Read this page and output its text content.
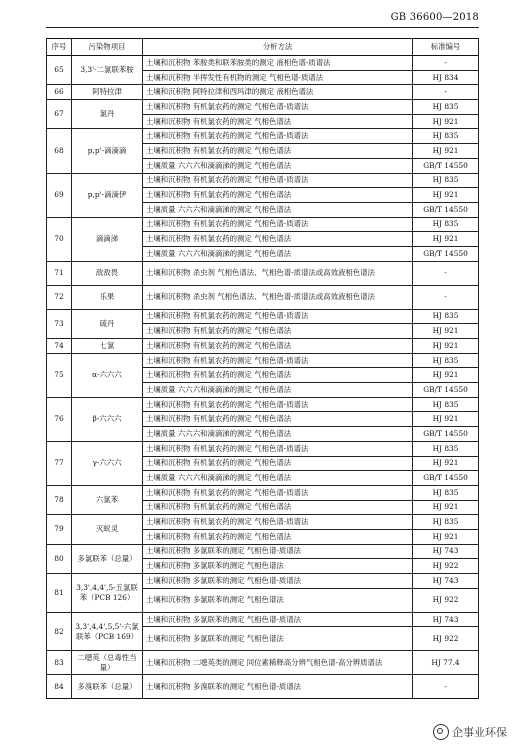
GB 36600—2018
序号	污染物项目	分析方法	标准编号
65	3,3'-二氯联苯胺	土壤和沉积物 苯胺类和联苯胺类的测定 液相色谱-质谱法	-
		土壤和沉积物 半挥发性有机物的测定 气相色谱-质谱法	HJ 834
66	阿特拉津	土壤和沉积物 阿特拉津和西玛津的测定 液相色谱法	-
67	氯丹	土壤和沉积物 有机氯农药的测定 气相色谱-质谱法	HJ 835
		土壤和沉积物 有机氯农药的测定 气相色谱法	HJ 921
68	p,p'-滴滴滴	土壤和沉积物 有机氯农药的测定 气相色谱-质谱法	HJ 835
		土壤和沉积物 有机氯农药的测定 气相色谱法	HJ 921
		土壤质量 六六六和滴滴涕的测定 气相色谱法	GB/T 14550
69	p,p'-滴滴伊	土壤和沉积物 有机氯农药的测定 气相色谱-质谱法	HJ 835
		土壤和沉积物 有机氯农药的测定 气相色谱法	HJ 921
		土壤质量 六六六和滴滴涕的测定 气相色谱法	GB/T 14550
70	滴滴涕	土壤和沉积物 有机氯农药的测定 气相色谱-质谱法	HJ 835
		土壤和沉积物 有机氯农药的测定 气相色谱法	HJ 921
		土壤质量 六六六和滴滴涕的测定 气相色谱法	GB/T 14550
71	敌敌畏	土壤和沉积物 杀虫剂 气相色谱法、气相色谱-质谱法或高效液相色谱法	-
72	乐果	土壤和沉积物 杀虫剂 气相色谱法、气相色谱-质谱法或高效液相色谱法	-
73	硫丹	土壤和沉积物 有机氯农药的测定 气相色谱-质谱法	HJ 835
		土壤和沉积物 有机氯农药的测定 气相色谱法	HJ 921
74	七氯	土壤和沉积物 有机氯农药的测定 气相色谱法	HJ 921
75	α-六六六	土壤和沉积物 有机氯农药的测定 气相色谱-质谱法	HJ 835
		土壤和沉积物 有机氯农药的测定 气相色谱法	HJ 921
		土壤质量 六六六和滴滴涕的测定 气相色谱法	GB/T 14550
76	β-六六六	土壤和沉积物 有机氯农药的测定 气相色谱-质谱法	HJ 835
		土壤和沉积物 有机氯农药的测定 气相色谱法	HJ 921
		土壤质量 六六六和滴滴涕的测定 气相色谱法	GB/T 14550
77	γ-六六六	土壤和沉积物 有机氯农药的测定 气相色谱-质谱法	HJ 835
		土壤和沉积物 有机氯农药的测定 气相色谱法	HJ 921
		土壤质量 六六六和滴滴涕的测定 气相色谱法	GB/T 14550
78	六氯苯	土壤和沉积物 有机氯农药的测定 气相色谱-质谱法	HJ 835
		土壤和沉积物 有机氯农药的测定 气相色谱法	HJ 921
79	灭蚁灵	土壤和沉积物 有机氯农药的测定 气相色谱-质谱法	HJ 835
		土壤和沉积物 有机氯农药的测定 气相色谱法	HJ 921
80	多氯联苯（总量）	土壤和沉积物 多氯联苯的测定 气相色谱-质谱法	HJ 743
		土壤和沉积物 多氯联苯的测定 气相色谱法	HJ 922
81	3,3',4,4',5-五氯联苯（PCB 126）	土壤和沉积物 多氯联苯的测定 气相色谱-质谱法	HJ 743
		土壤和沉积物 多氯联苯的测定 气相色谱法	HJ 922
82	3,3',4,4',5,5'-六氯联苯（PCB 169）	土壤和沉积物 多氯联苯的测定 气相色谱-质谱法	HJ 743
		土壤和沉积物 多氯联苯的测定 气相色谱法	HJ 922
83	二噁英（总毒性当量）	土壤和沉积物 二噁英类的测定 同位素稀释高分辨气相色谱-高分辨质谱法	HJ 77.4
84	多溴联苯（总量）	土壤和沉积物 多溴联苯的测定 气相色谱-质谱法	-
企事业环保
